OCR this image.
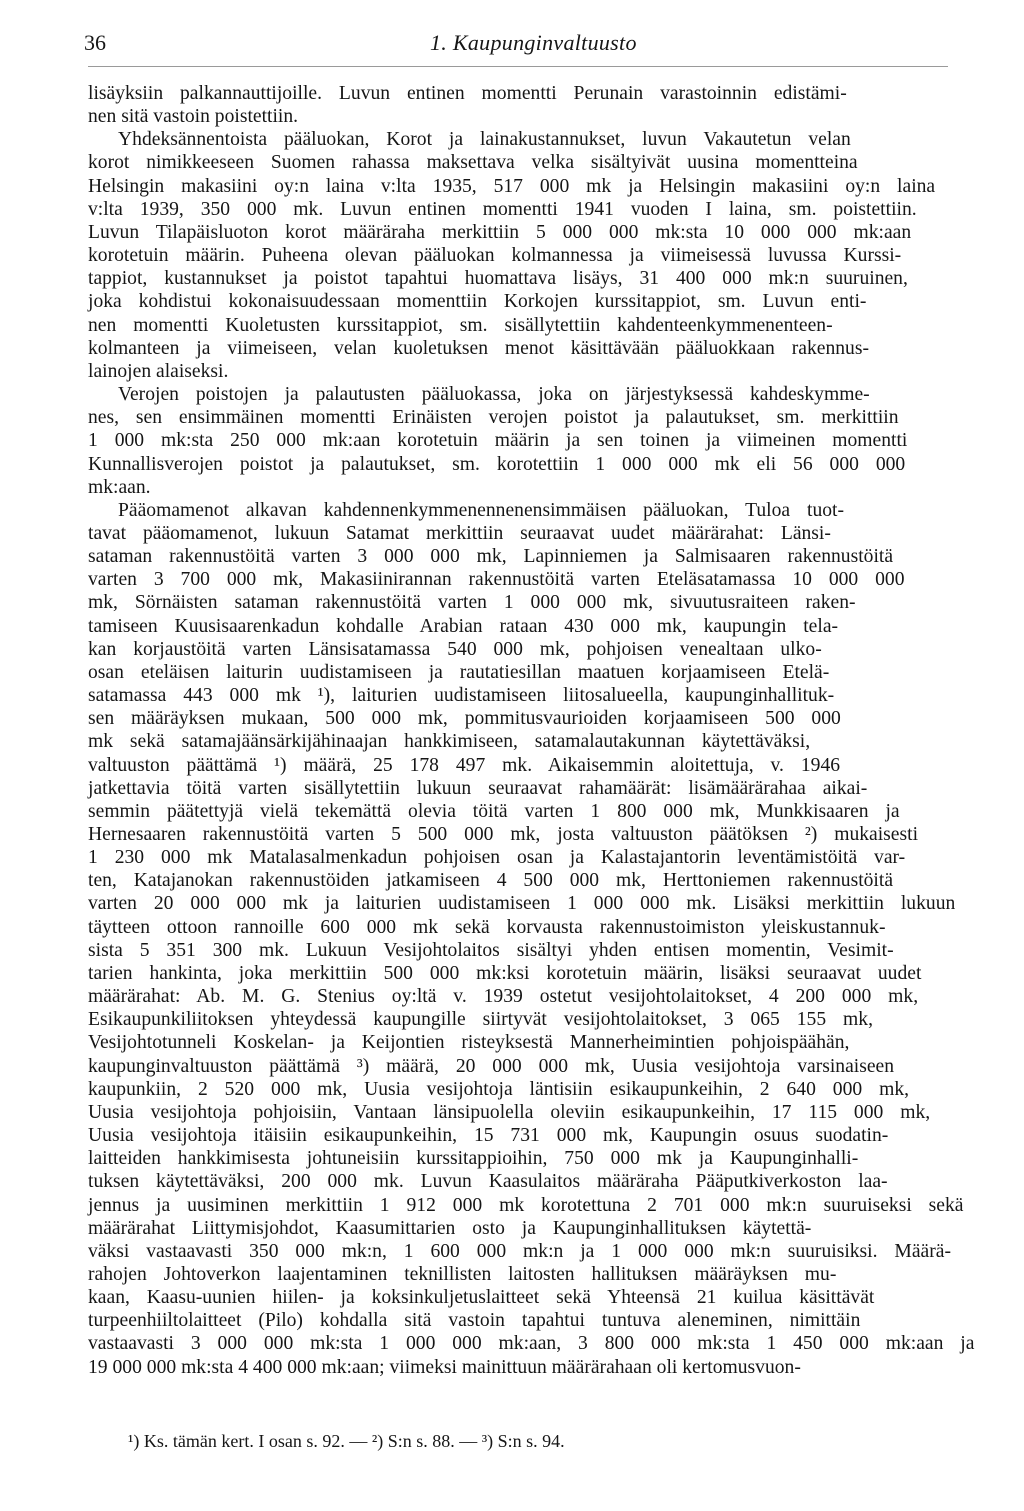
36	1. Kaupunginvaltuusto
lisäyksiin palkannauttijoille. Luvun entinen momentti Perunain varastoinnin edistämi-
nen sitä vastoin poistettiin.
Yhdeksännentoista pääluokan, Korot ja lainakustannukset, luvun Vakautetun velan
korot nimikkeeseen Suomen rahassa maksettava velka sisältyivät uusina momentteina
Helsingin makasiini oy:n laina v:lta 1935, 517 000 mk ja Helsingin makasiini oy:n laina
v:lta 1939, 350 000 mk. Luvun entinen momentti 1941 vuoden I laina, sm. poistettiin.
Luvun Tilapäisluoton korot määräraha merkittiin 5 000 000 mk:sta 10 000 000 mk:aan
korotetuin määrin. Puheena olevan pääluokan kolmannessa ja viimeisessä luvussa Kurssi-
tappiot, kustannukset ja poistot tapahtui huomattava lisäys, 31 400 000 mk:n suuruinen,
joka kohdistui kokonaisuudessaan momenttiin Korkojen kurssitappiot, sm. Luvun enti-
nen momentti Kuoletusten kurssitappiot, sm. sisällytettiin kahdenteenkymmenenteen-
kolmanteen ja viimeiseen, velan kuoletuksen menot käsittävään pääluokkaan rakennus-
lainojen alaiseksi.
Verojen poistojen ja palautusten pääluokassa, joka on järjestyksessä kahdeskymme-
nes, sen ensimmäinen momentti Erinäisten verojen poistot ja palautukset, sm. merkittiin
1 000 mk:sta 250 000 mk:aan korotetuin määrin ja sen toinen ja viimeinen momentti
Kunnallisverojen poistot ja palautukset, sm. korotettiin 1 000 000 mk eli 56 000 000
mk:aan.
Pääomamenot alkavan kahdennenkymmenennenensimmäisen pääluokan, Tuloa tuot-
tavat pääomamenot, lukuun Satamat merkittiin seuraavat uudet määrärahat: Länsi-
sataman rakennustöitä varten 3 000 000 mk, Lapinniemen ja Salmisaaren rakennustöitä
varten 3 700 000 mk, Makasiinirannan rakennustöitä varten Eteläsatamassa 10 000 000
mk, Sörnäisten sataman rakennustöitä varten 1 000 000 mk, sivuutusraiteen raken-
tamiseen Kuusisaarenkadun kohdalle Arabian rataan 430 000 mk, kaupungin tela-
kan korjaustöitä varten Länsisatamassa 540 000 mk, pohjoisen venealtaan ulko-
osan eteläisen laiturin uudistamiseen ja rautatiesillan maatuen korjaamiseen Etelä-
satamassa 443 000 mk ¹), laiturien uudistamiseen liitosalueella, kaupunginhallituk-
sen määräyksen mukaan, 500 000 mk, pommitusvaurioiden korjaamiseen 500 000
mk sekä satamajäänsärkijähinaajan hankkimiseen, satamalautakunnan käytettäväksi,
valtuuston päättämä ¹) määrä, 25 178 497 mk. Aikaisemmin aloitettuja, v. 1946
jatkettavia töitä varten sisällytettiin lukuun seuraavat rahamäärät: lisämäärärahaa aikai-
semmin päätettyjä vielä tekemättä olevia töitä varten 1 800 000 mk, Munkkisaaren ja
Hernesaaren rakennustöitä varten 5 500 000 mk, josta valtuuston päätöksen ²) mukaisesti
1 230 000 mk Matalasalmenkadun pohjoisen osan ja Kalastajantorin leventämistöitä var-
ten, Katajanokan rakennustöiden jatkamiseen 4 500 000 mk, Herttoniemen rakennustöitä
varten 20 000 000 mk ja laiturien uudistamiseen 1 000 000 mk. Lisäksi merkittiin lukuun
täytteen ottoon rannoille 600 000 mk sekä korvausta rakennustoimiston yleiskustannuk-
sista 5 351 300 mk. Lukuun Vesijohtolaitos sisältyi yhden entisen momentin, Vesimit-
tarien hankinta, joka merkittiin 500 000 mk:ksi korotetuin määrin, lisäksi seuraavat uudet
määrärahat: Ab. M. G. Stenius oy:ltä v. 1939 ostetut vesijohtolaitokset, 4 200 000 mk,
Esikaupunkiliitoksen yhteydessä kaupungille siirtyvät vesijohtolaitokset, 3 065 155 mk,
Vesijohtotunneli Koskelan- ja Keijontien risteyksestä Mannerheimintien pohjoispäähän,
kaupunginvaltuuston päättämä ³) määrä, 20 000 000 mk, Uusia vesijohtoja varsinaiseen
kaupunkiin, 2 520 000 mk, Uusia vesijohtoja läntisiin esikaupunkeihin, 2 640 000 mk,
Uusia vesijohtoja pohjoisiin, Vantaan länsipuolella oleviin esikaupunkeihin, 17 115 000 mk,
Uusia vesijohtoja itäisiin esikaupunkeihin, 15 731 000 mk, Kaupungin osuus suodatin-
laitteiden hankkimisesta johtuneisiin kurssitappioihin, 750 000 mk ja Kaupunginhalli-
tuksen käytettäväksi, 200 000 mk. Luvun Kaasulaitos määräraha Pääputkiverkoston laa-
jennus ja uusiminen merkittiin 1 912 000 mk korotettuna 2 701 000 mk:n suuruiseksi sekä
määrärahat Liittymisjohdot, Kaasumittarien osto ja Kaupunginhallituksen käytettä-
väksi vastaavasti 350 000 mk:n, 1 600 000 mk:n ja 1 000 000 mk:n suuruisiksi. Määrä-
rahojen Johtoverkon laajentaminen teknillisten laitosten hallituksen määräyksen mu-
kaan, Kaasu-uunien hiilen- ja koksinkuljetuslaitteet sekä Yhteensä 21 kuilua käsittävät
turpeenhiiltolaitteet (Pilo) kohdalla sitä vastoin tapahtui tuntuva aleneminen, nimittäin
vastaavasti 3 000 000 mk:sta 1 000 000 mk:aan, 3 800 000 mk:sta 1 450 000 mk:aan ja
19 000 000 mk:sta 4 400 000 mk:aan; viimeksi mainittuun määrärahaan oli kertomusvuon-
¹) Ks. tämän kert. I osan s. 92. — ²) S:n s. 88. — ³) S:n s. 94.
